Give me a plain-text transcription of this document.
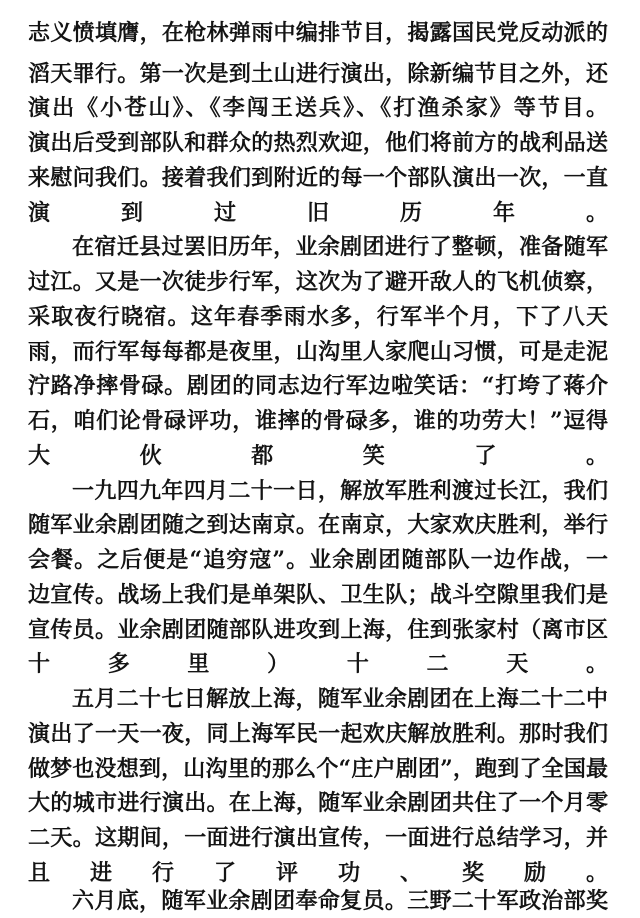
志义愤填膺，在枪林弹雨中编排节目，揭露国民党反动派的
滔天罪行。第一次是到土山进行演出，除新编节目之外，还
演出《小苍山》、《李闯王送兵》、《打渔杀家》等节目。
演出后受到部队和群众的热烈欢迎，他们将前方的战利品送
来慰问我们。接着我们到附近的每一个部队演出一次，一直
演到过旧历年。
在宿迁县过罢旧历年，业余剧团进行了整顿，准备随军
过江。又是一次徒步行军，这次为了避开敌人的飞机侦察，
采取夜行晓宿。这年春季雨水多，行军半个月，下了八天
雨，而行军每每都是夜里，山沟里人家爬山习惯，可是走泥
泞路净摔骨碌。剧团的同志边行军边啦笑话：“打垮了蒋介
石，咱们论骨碌评功，谁摔的骨碌多，谁的功劳大！”逗得
大伙都笑了。
一九四九年四月二十一日，解放军胜利渡过长江，我们
随军业余剧团随之到达南京。在南京，大家欢庆胜利，举行
会餐。之后便是“追穷寇”。业余剧团随部队一边作战，一
边宣传。战场上我们是单架队、卫生队；战斗空隙里我们是
宣传员。业余剧团随部队进攻到上海，住到张家村（离市区
十多里）十二天。
五月二十七日解放上海，随军业余剧团在上海二十二中
演出了一天一夜，同上海军民一起欢庆解放胜利。那时我们
做梦也没想到，山沟里的那么个“庄户剧团”，跑到了全国最
大的城市进行演出。在上海，随军业余剧团共住了一个月零
二天。这期间，一面进行演出宣传，一面进行总结学习，并
且进行了评功、奖励。
六月底，随军业余剧团奉命复员。三野二十军政治部奖
